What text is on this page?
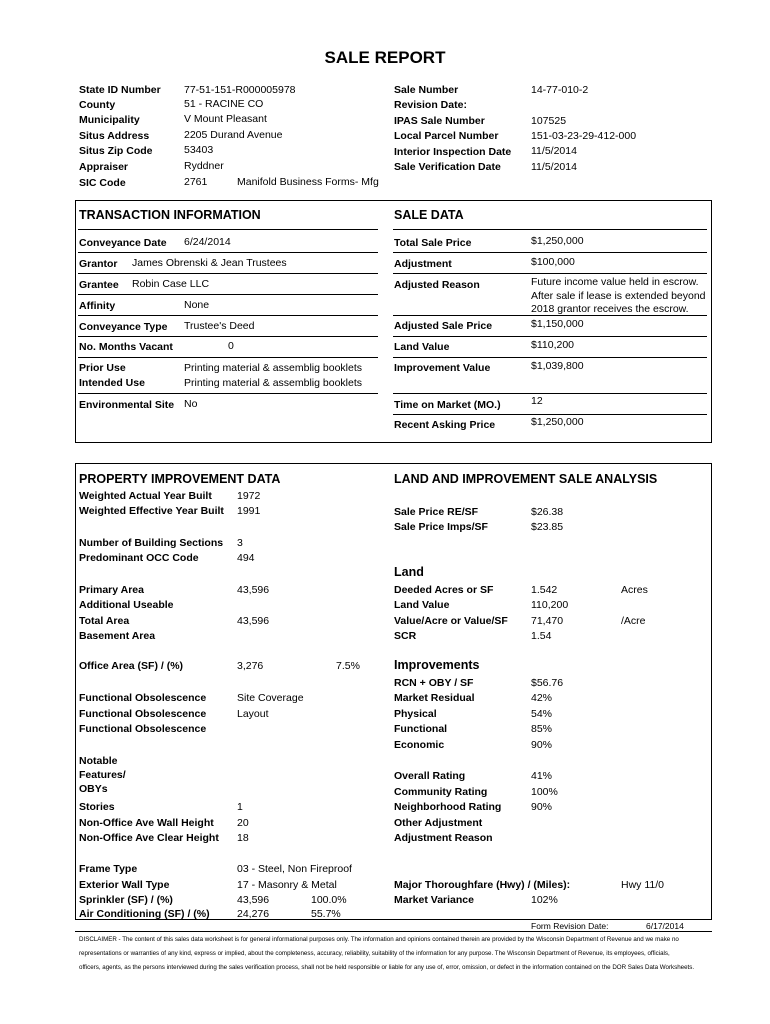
SALE REPORT
State ID Number 77-51-151-R000005978
County	51 - RACINE CO
Municipality	V Mount Pleasant
Situs Address	2205 Durand Avenue
Situs Zip Code	53403
Appraiser	Ryddner
SIC Code	2761	Manifold Business Forms- Mfg
Sale Number	14-77-010-2
Revision Date:
IPAS Sale Number	107525
Local Parcel Number	151-03-23-29-412-000
Interior Inspection Date 11/5/2014
Sale Verification Date	11/5/2014
TRANSACTION INFORMATION	SALE DATA
Conveyance Date 6/24/2014
Grantor James Obrenski & Jean Trustees
Grantee Robin Case LLC
Affinity	None
Conveyance Type Trustee's Deed
No. Months Vacant	0
Prior Use	Printing material & assemblig booklets
Intended Use	Printing material & assemblig booklets
Environmental Site No
Total Sale Price	$1,250,000
Adjustment	$100,000
Adjusted Reason	Future income value held in escrow.
After sale if lease is extended beyond
2018 grantor receives the escrow.
Adjusted Sale Price	$1,150,000
Land Value	$110,200
Improvement Value	$1,039,800
Time on Market (MO.)	12
Recent Asking Price	$1,250,000
PROPERTY IMPROVEMENT DATA	LAND AND IMPROVEMENT SALE ANALYSIS
Weighted Actual Year Built 1972
Weighted Effective Year Built 1991
Number of Building Sections 3
Predominant OCC Code	494
Primary Area	43,596
Additional Useable
Total Area	43,596
Basement Area
Office Area (SF) / (%)	3,276	7.5%
Functional Obsolescence	Site Coverage
Functional Obsolescence	Layout
Functional Obsolescence
Notable
Features/
OBYs
Stories	1
Non-Office Ave Wall Height 20
Non-Office Ave Clear Height 18
Frame Type	03 - Steel, Non Fireproof
Exterior Wall Type	17 - Masonry & Metal
Sprinkler (SF) / (%)	43,596	100.0%
Air Conditioning (SF) / (%)	24,276	55.7%
Sale Price RE/SF	$26.38
Sale Price Imps/SF	$23.85
Land
Deeded Acres or SF	1.542	Acres
Land Value	110,200
Value/Acre or Value/SF 71,470	/Acre
SCR	1.54
Improvements
RCN + OBY / SF	$56.76
Market Residual	42%
Physical	54%
Functional	85%
Economic	90%
Overall Rating	41%
Community Rating	100%
Neighborhood Rating	90%
Other Adjustment
Adjustment Reason
Major Thoroughfare (Hwy) / (Miles):	Hwy 11/0
Market Variance	102%
Form Revision Date:	6/17/2014
DISCLAIMER - The content of this sales data worksheet is for general informational purposes only. The information and opinions contained therein are provided by the Wisconsin Department of Revenue and we make no
representations or warranties of any kind, express or implied, about the completeness, accuracy, reliability, suitability of the information for any purpose. The Wisconsin Department of Revenue, its employees, officials,
officers, agents, as the persons interviewed during the sales verification process, shall not be held responsible or liable for any use of, error, omission, or defect in the information contained on the DOR Sales Data Worksheets.
